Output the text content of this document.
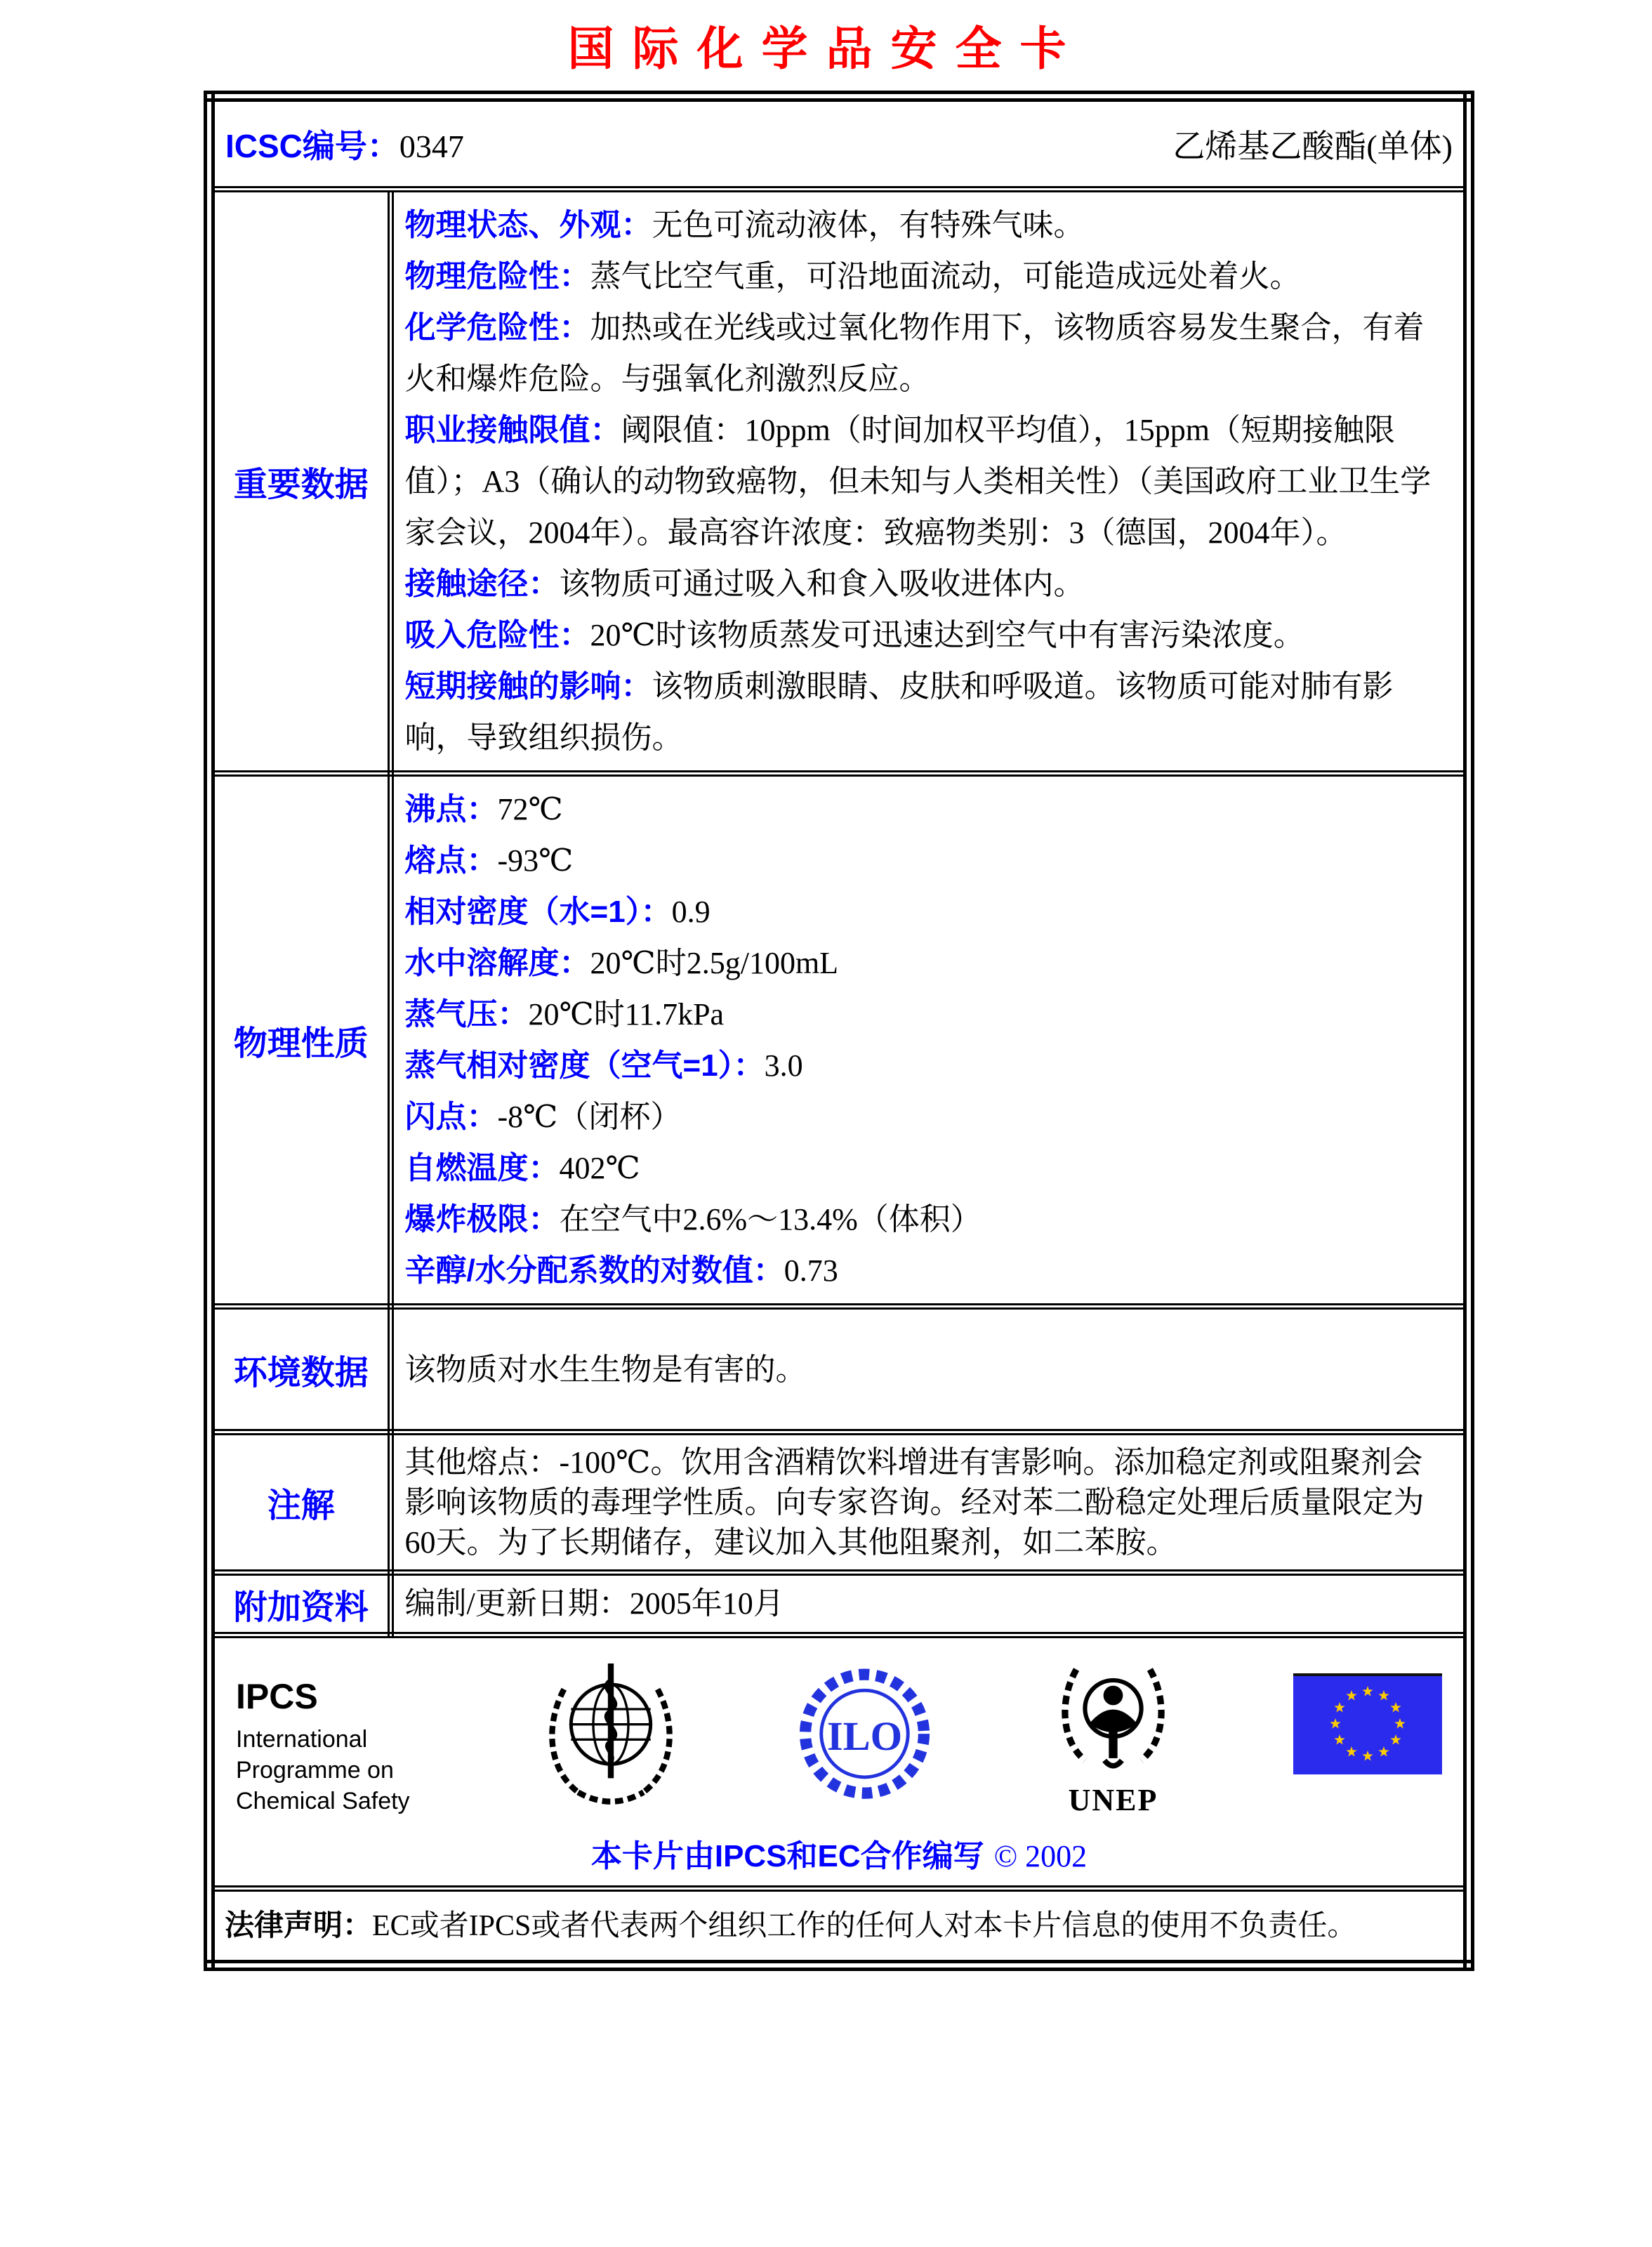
国际化学品安全卡
ICSC编号：0347 乙烯基乙酸酯(单体)	

重要数据	
物理状态、外观：无色可流动液体，有特殊气味。
物理危险性：蒸气比空气重，可沿地面流动，可能造成远处着火。
化学危险性：加热或在光线或过氧化物作用下，该物质容易发生聚合，有着火和爆炸危险。与强氧化剂激烈反应。
职业接触限值：阈限值：10ppm（时间加权平均值），15ppm（短期接触限值）；A3（确认的动物致癌物，但未知与人类相关性）（美国政府工业卫生学家会议，2004年）。最高容许浓度：致癌物类别：3（德国，2004年）。
接触途径：该物质可通过吸入和食入吸收进体内。
吸入危险性：20℃时该物质蒸发可迅速达到空气中有害污染浓度。
短期接触的影响：该物质刺激眼睛、皮肤和呼吸道。该物质可能对肺有影响，导致组织损伤。

物理性质	
沸点：72℃
熔点：-93℃
相对密度（水=1）：0.9
水中溶解度：20℃时2.5g/100mL
蒸气压：20℃时11.7kPa
蒸气相对密度（空气=1）：3.0
闪点：-8℃（闭杯）
自燃温度：402℃
爆炸极限：在空气中2.6%～13.4%（体积）
辛醇/水分配系数的对数值：0.73

环境数据	该物质对水生生物是有害的。
注解	其他熔点：-100℃。饮用含酒精饮料增进有害影响。添加稳定剂或阻聚剂会影响该物质的毒理学性质。向专家咨询。经对苯二酚稳定处理后质量限定为60天。为了长期储存，建议加入其他阻聚剂，如二苯胺。
附加资料	编制/更新日期：2005年10月

IPCS
International
Programme on
Chemical Safety
ILO
UNEP
本卡片由IPCS和EC合作编写 © 2002

法律声明：EC或者IPCS或者代表两个组织工作的任何人对本卡片信息的使用不负责任。	
